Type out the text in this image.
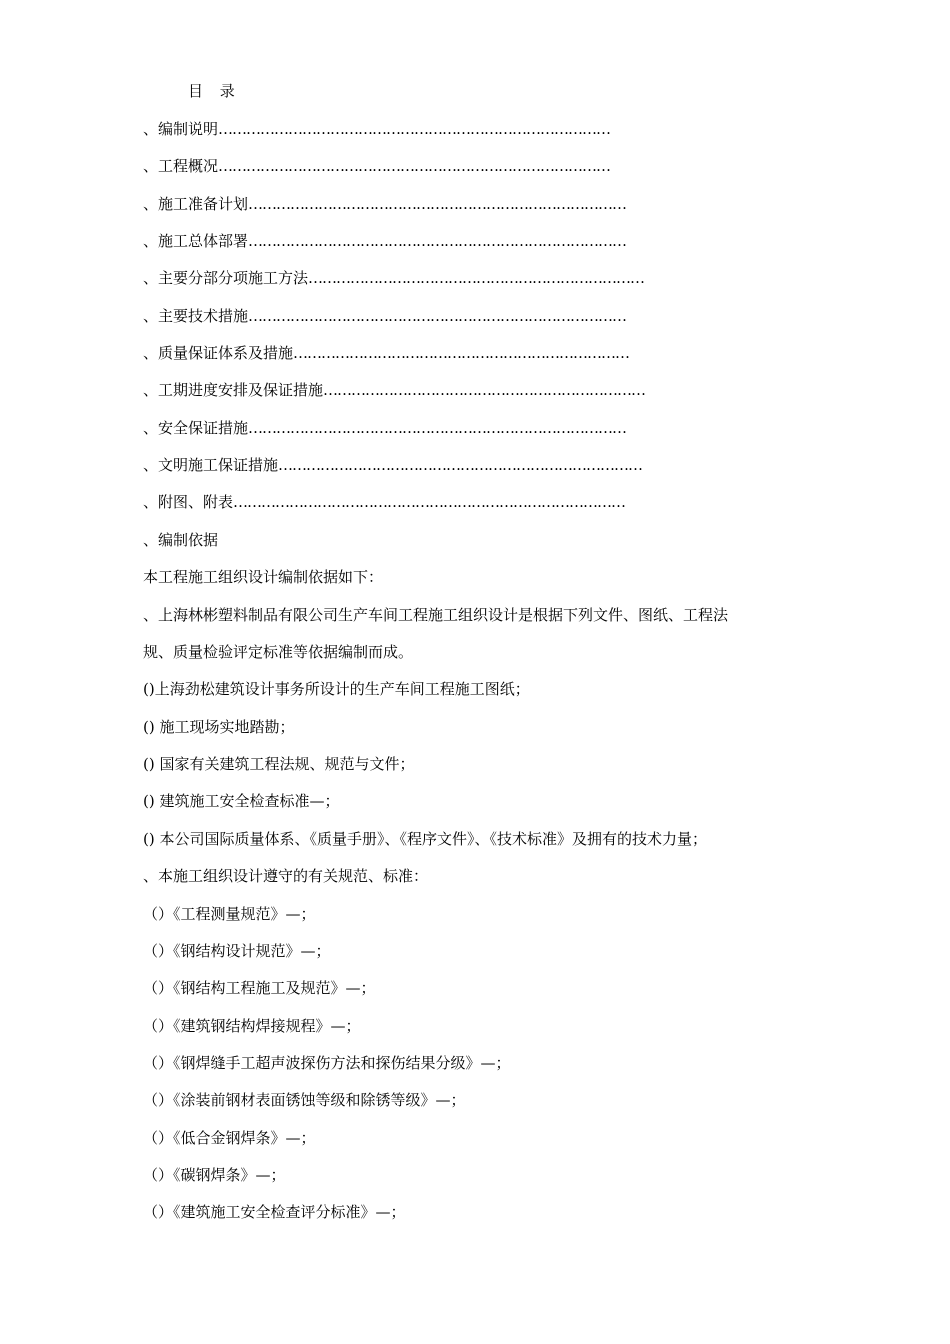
目 录
、编制说明…………………………………………………………………………
、工程概况…………………………………………………………………………
、施工准备计划………………………………………………………………………
、施工总体部署………………………………………………………………………
、主要分部分项施工方法………………………………………………………………
、主要技术措施………………………………………………………………………
、质量保证体系及措施………………………………………………………………
、工期进度安排及保证措施……………………………………………………………
、安全保证措施………………………………………………………………………
、文明施工保证措施……………………………………………………………………
、附图、附表…………………………………………………………………………
、编制依据
本工程施工组织设计编制依据如下：
、上海林彬塑料制品有限公司生产车间工程施工组织设计是根据下列文件、图纸、工程法
规、质量检验评定标准等依据编制而成。
()上海劲松建筑设计事务所设计的生产车间工程施工图纸；
() 施工现场实地踏勘；
() 国家有关建筑工程法规、规范与文件；
() 建筑施工安全检查标准—；
() 本公司国际质量体系、《质量手册》、《程序文件》、《技术标准》及拥有的技术力量；
、本施工组织设计遵守的有关规范、标准：
（）《工程测量规范》—；
（）《钢结构设计规范》—；
（）《钢结构工程施工及规范》—；
（）《建筑钢结构焊接规程》—；
（）《钢焊缝手工超声波探伤方法和探伤结果分级》—；
（）《涂装前钢材表面锈蚀等级和除锈等级》—；
（）《低合金钢焊条》—；
（）《碳钢焊条》—；
（）《建筑施工安全检查评分标准》—；
